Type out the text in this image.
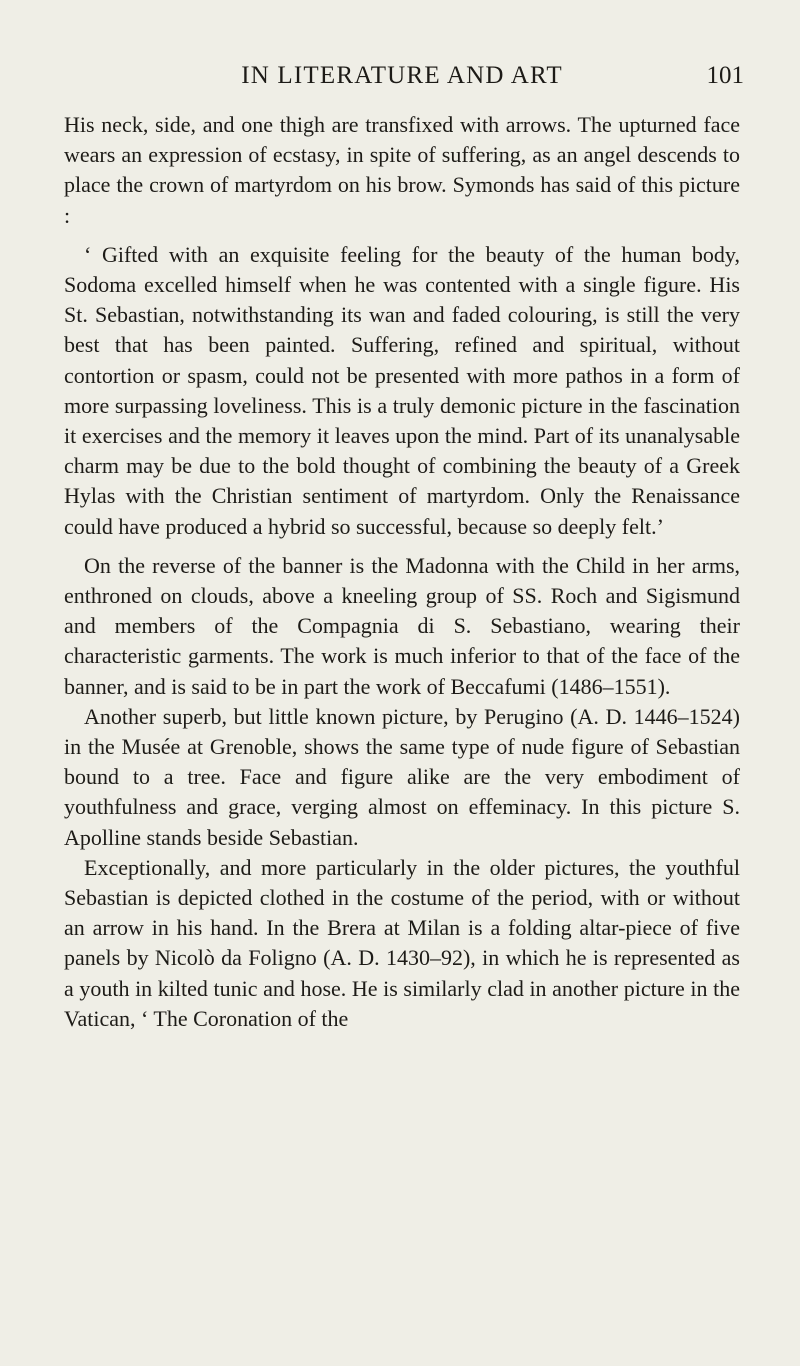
IN LITERATURE AND ART	101

His neck, side, and one thigh are transfixed with arrows. The upturned face wears an expression of ecstasy, in spite of suffering, as an angel descends to place the crown of martyrdom on his brow. Symonds has said of this picture :

‘ Gifted with an exquisite feeling for the beauty of the human body, Sodoma excelled himself when he was contented with a single figure. His St. Sebastian, notwithstanding its wan and faded colouring, is still the very best that has been painted. Suffering, refined and spiritual, without contortion or spasm, could not be presented with more pathos in a form of more surpassing loveliness. This is a truly demonic picture in the fascination it exercises and the memory it leaves upon the mind. Part of its unanalysable charm may be due to the bold thought of combining the beauty of a Greek Hylas with the Christian sentiment of martyrdom. Only the Renaissance could have produced a hybrid so successful, because so deeply felt.’

On the reverse of the banner is the Madonna with the Child in her arms, enthroned on clouds, above a kneeling group of SS. Roch and Sigismund and members of the Compagnia di S. Sebastiano, wearing their characteristic garments. The work is much inferior to that of the face of the banner, and is said to be in part the work of Beccafumi (1486–1551).

Another superb, but little known picture, by Perugino (A. D. 1446–1524) in the Musée at Grenoble, shows the same type of nude figure of Sebastian bound to a tree. Face and figure alike are the very embodiment of youthfulness and grace, verging almost on effeminacy. In this picture S. Apolline stands beside Sebastian.

Exceptionally, and more particularly in the older pictures, the youthful Sebastian is depicted clothed in the costume of the period, with or without an arrow in his hand. In the Brera at Milan is a folding altar-piece of five panels by Nicolò da Foligno (A. D. 1430–92), in which he is represented as a youth in kilted tunic and hose. He is similarly clad in another picture in the Vatican, ‘ The Coronation of the
